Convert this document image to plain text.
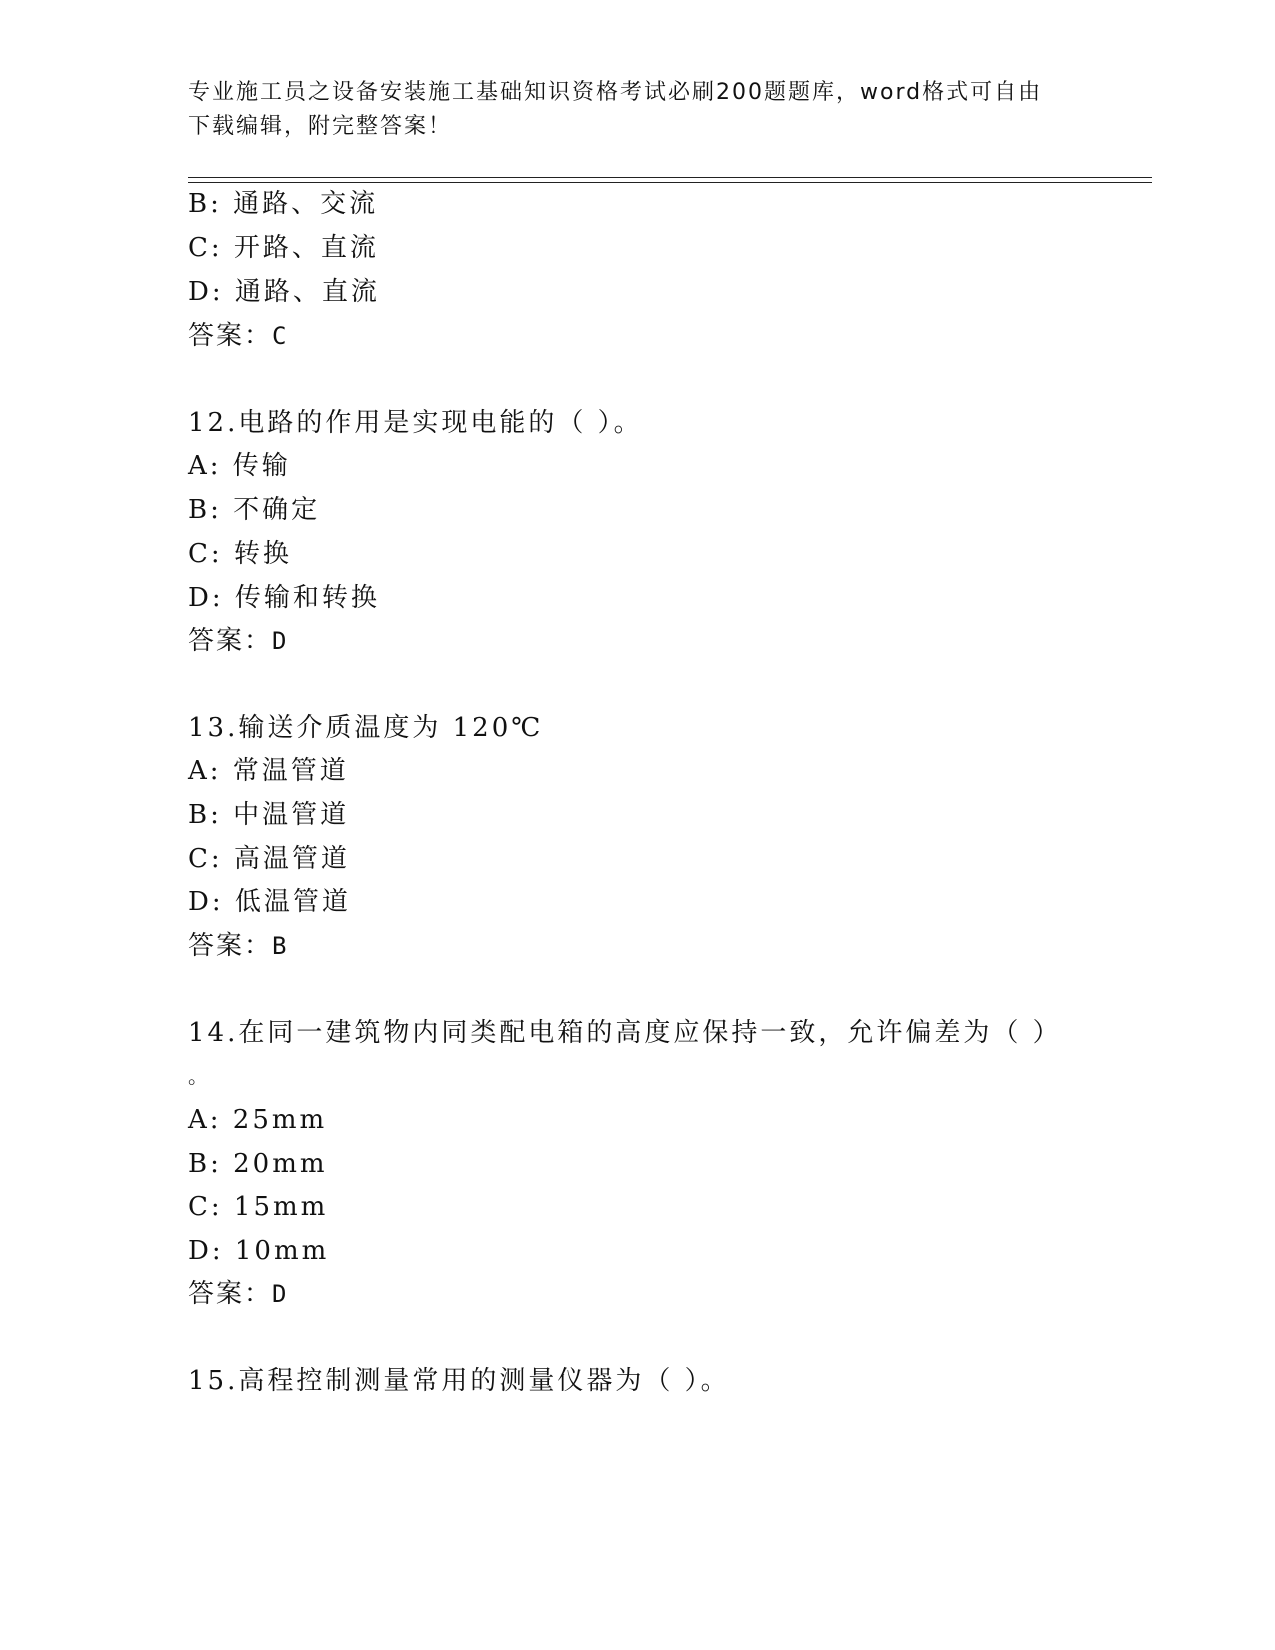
专业施工员之设备安装施工基础知识资格考试必刷200题题库，word格式可自由
下载编辑，附完整答案！
B: 通路、交流
C: 开路、直流
D: 通路、直流
答案：C
12.电路的作用是实现电能的（ ）。
A: 传输
B: 不确定
C: 转换
D: 传输和转换
答案：D
13.输送介质温度为 120℃
A: 常温管道
B: 中温管道
C: 高温管道
D: 低温管道
答案：B
14.在同一建筑物内同类配电箱的高度应保持一致，允许偏差为（ ）
。
A: 25mm
B: 20mm
C: 15mm
D: 10mm
答案：D
15.高程控制测量常用的测量仪器为（ ）。
